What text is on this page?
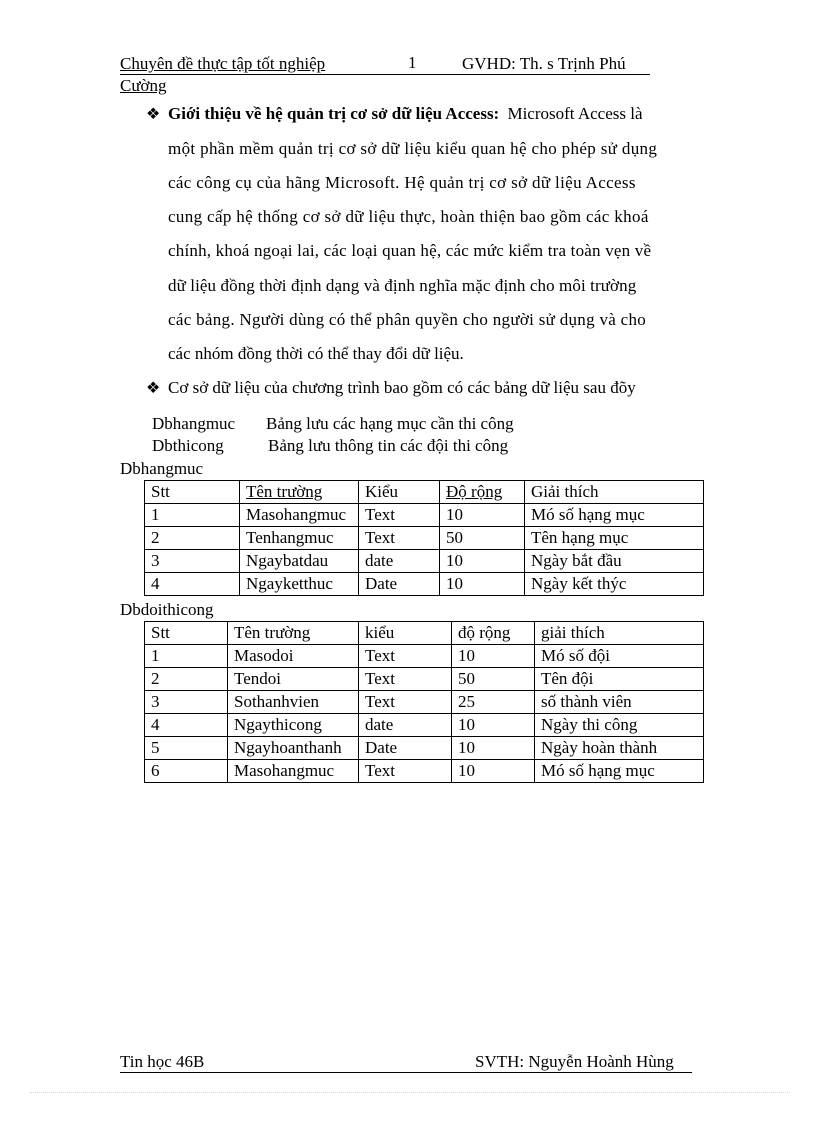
Chuyên đề thực tập tốt nghiệp	1	GVHD: Th. s Trịnh Phú
Cường
❖ Giới thiệu về hệ quản trị cơ sở dữ liệu Access: Microsoft Access là
một phần mềm quản trị cơ sở dữ liệu kiểu quan hệ cho phép sử dụng
các công cụ của hãng Microsoft. Hệ quản trị cơ sở dữ liệu Access
cung cấp hệ thống cơ sở dữ liệu thực, hoàn thiện bao gồm các khoá
chính, khoá ngoại lai, các loại quan hệ, các mức kiểm tra toàn vẹn về
dữ liệu đồng thời định dạng và định nghĩa mặc định cho môi trường
các bảng. Người dùng có thể phân quyền cho người sử dụng và cho
các nhóm đồng thời có thể thay đổi dữ liệu.
❖ Cơ sở dữ liệu của chương trình bao gồm có các bảng dữ liệu sau đõy
Dbhangmuc Bảng lưu các hạng mục cần thi công
Dbthicong	Bảng lưu thông tin các đội thi công
Dbhangmuc
Stt	Tên trường	Kiểu	Độ rộng	Giải thích
1	Masohangmuc	Text	10	Mó số hạng mục
2	Tenhangmuc	Text	50	Tên hạng mục
3	Ngaybatdau	date	10	Ngày bắt đầu
4	Ngayketthuc	Date	10	Ngày kết thýc
Dbdoithicong
Stt	Tên trường	kiểu	độ rộng	giải thích
1	Masodoi	Text	10	Mó số đội
2	Tendoi	Text	50	Tên đội
3	Sothanhvien	Text	25	số thành viên
4	Ngaythicong	date	10	Ngày thi công
5	Ngayhoanthanh	Date	10	Ngày hoàn thành
6	Masohangmuc	Text	10	Mó số hạng mục
Tin học 46B	SVTH: Nguyễn Hoành Hùng
